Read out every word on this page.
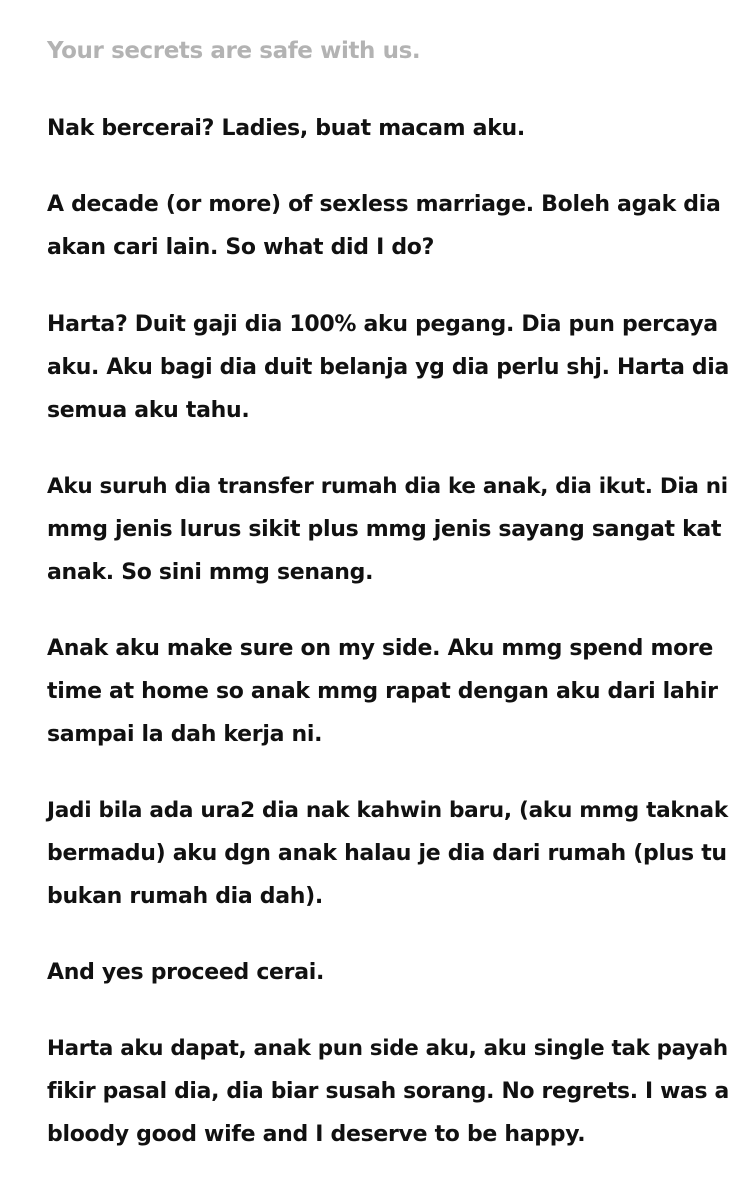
Your secrets are safe with us.
Nak bercerai? Ladies, buat macam aku.
A decade (or more) of sexless marriage. Boleh agak dia
akan cari lain. So what did I do?
Harta? Duit gaji dia 100% aku pegang. Dia pun percaya
aku. Aku bagi dia duit belanja yg dia perlu shj. Harta dia
semua aku tahu.
Aku suruh dia transfer rumah dia ke anak, dia ikut. Dia ni
mmg jenis lurus sikit plus mmg jenis sayang sangat kat
anak. So sini mmg senang.
Anak aku make sure on my side. Aku mmg spend more
time at home so anak mmg rapat dengan aku dari lahir
sampai la dah kerja ni.
Jadi bila ada ura2 dia nak kahwin baru, (aku mmg taknak
bermadu) aku dgn anak halau je dia dari rumah (plus tu
bukan rumah dia dah).
And yes proceed cerai.
Harta aku dapat, anak pun side aku, aku single tak payah
fikir pasal dia, dia biar susah sorang. No regrets. I was a
bloody good wife and I deserve to be happy.
